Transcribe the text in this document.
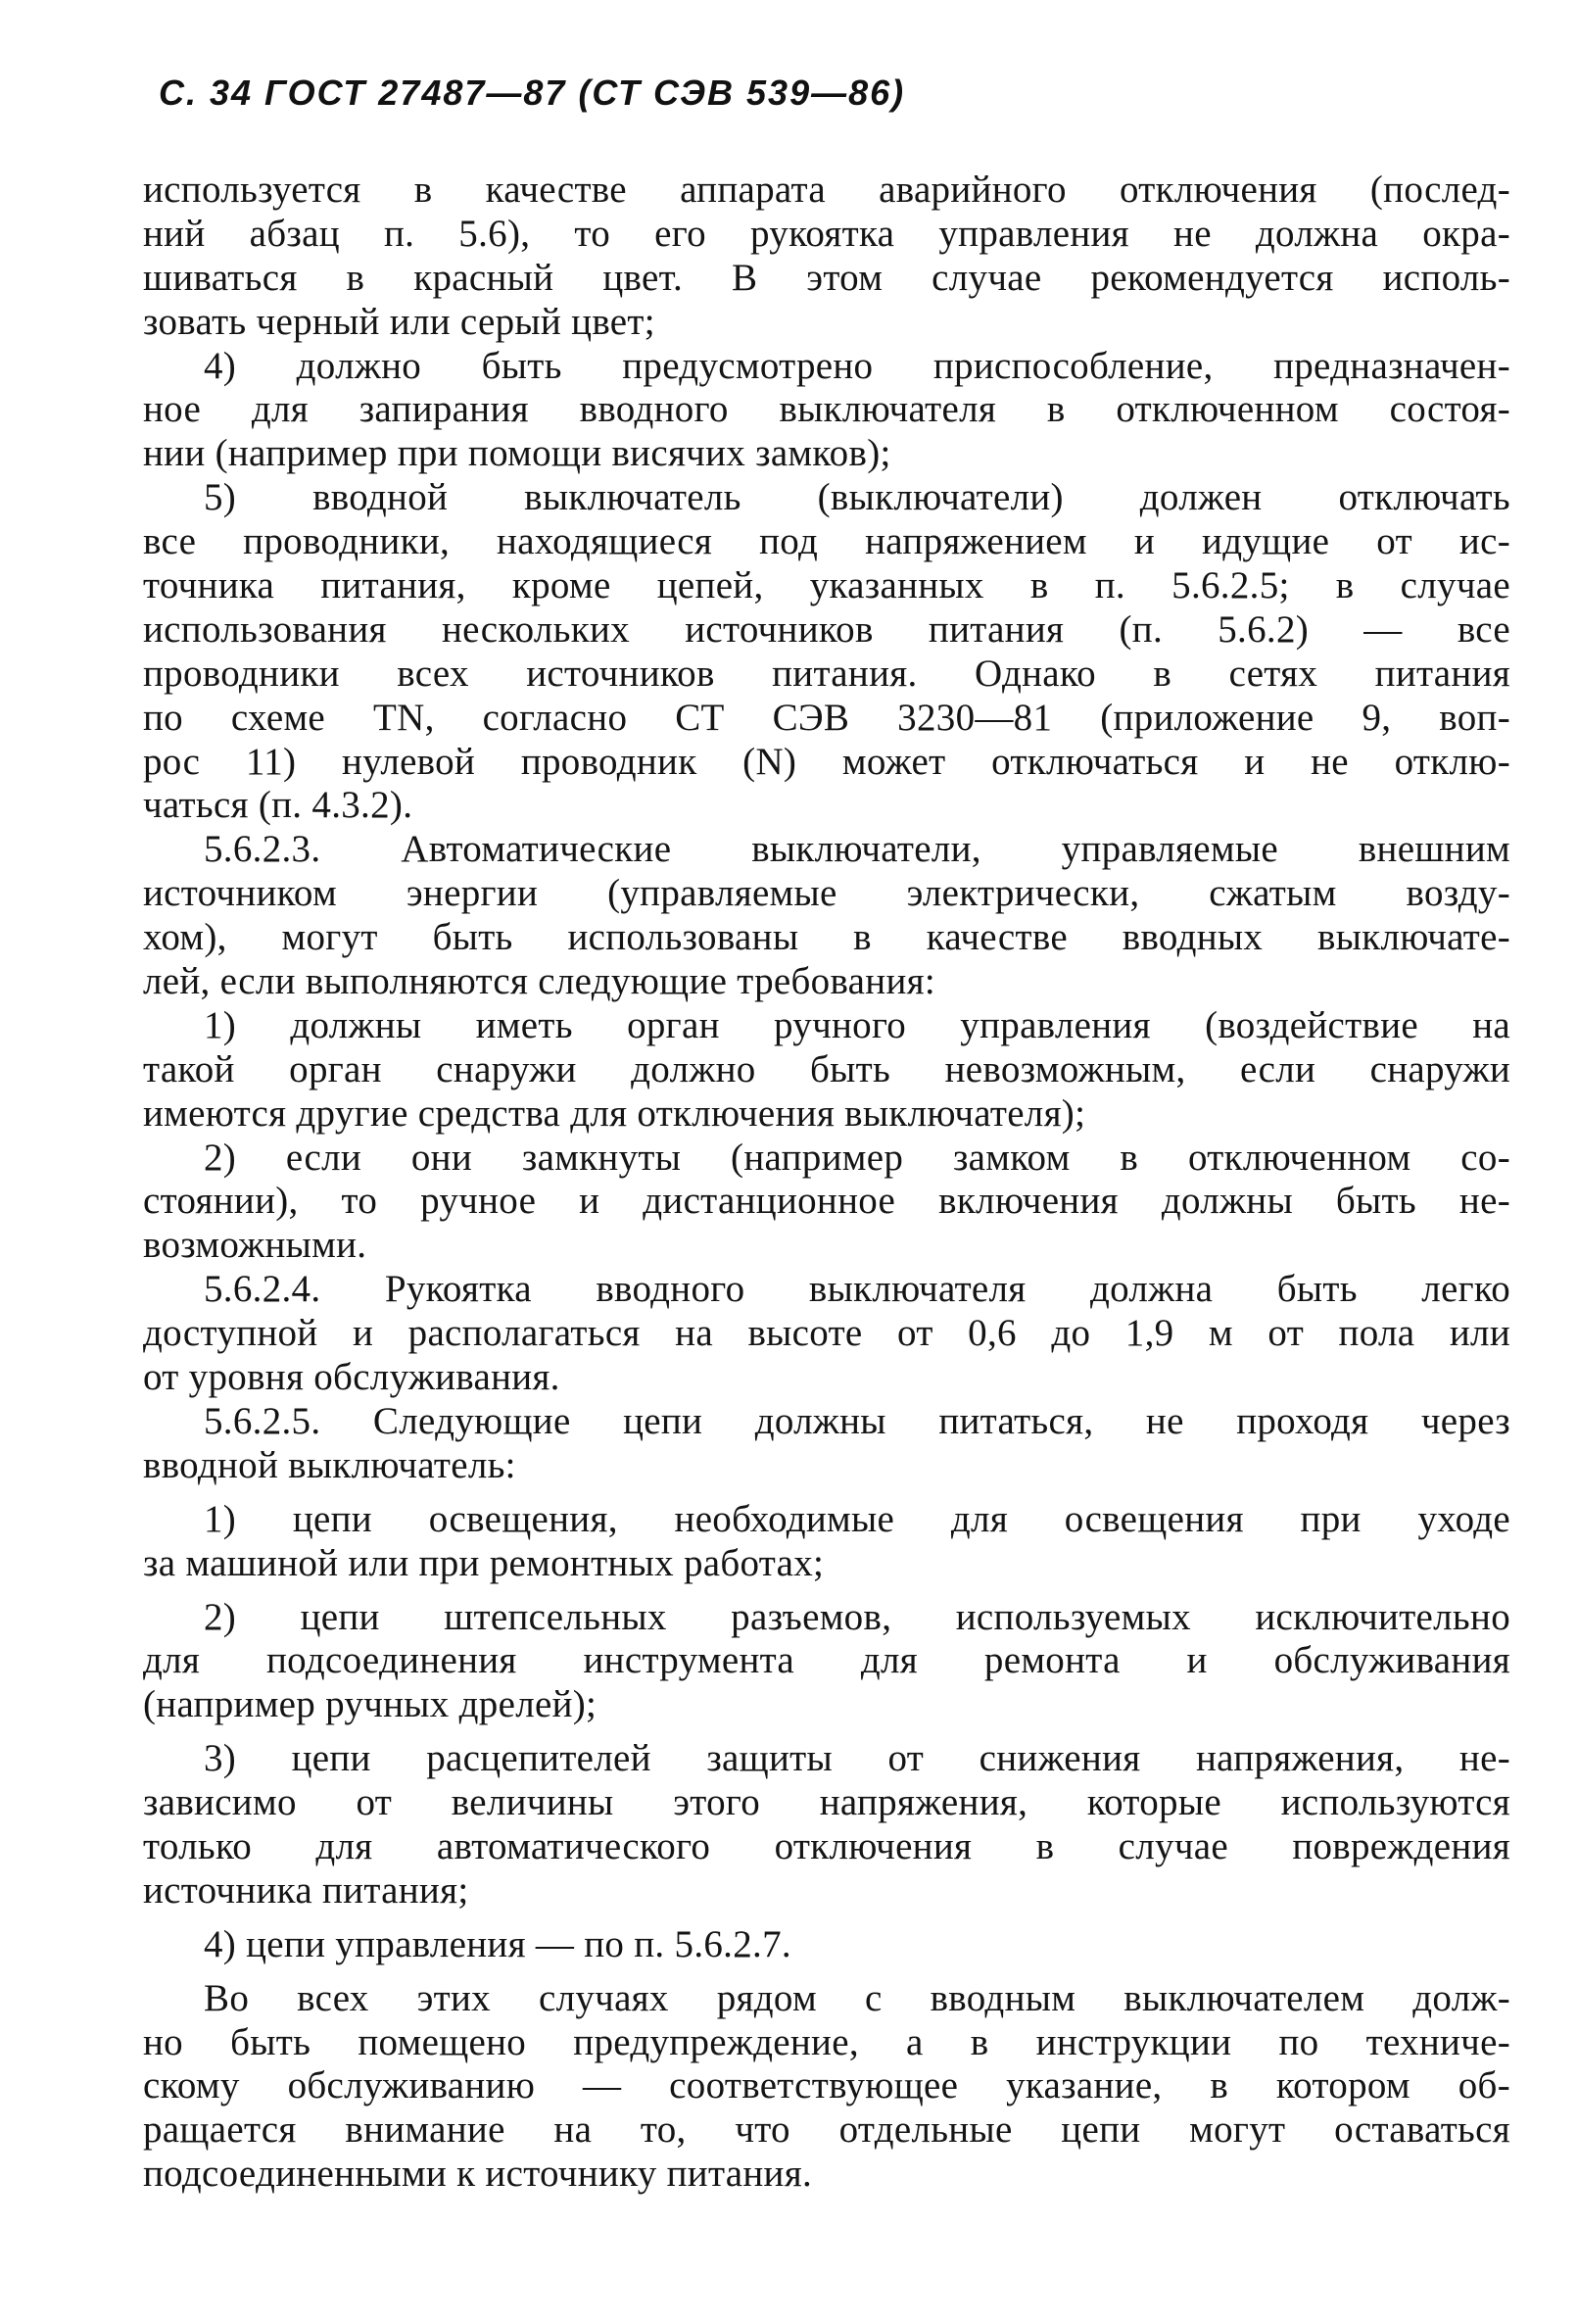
С. 34 ГОСТ 27487—87 (СТ СЭВ 539—86)
используется в качестве аппарата аварийного отключения (послед-
ний абзац п. 5.6), то его рукоятка управления не должна окра-
шиваться в красный цвет. В этом случае рекомендуется исполь-
зовать черный или серый цвет;
4) должно быть предусмотрено приспособление, предназначен-
ное для запирания вводного выключателя в отключенном состоя-
нии (например при помощи висячих замков);
5) вводной выключатель (выключатели) должен отключать
все проводники, находящиеся под напряжением и идущие от ис-
точника питания, кроме цепей, указанных в п. 5.6.2.5; в случае
использования нескольких источников питания (п. 5.6.2) — все
проводники всех источников питания. Однако в сетях питания
по схеме TN, согласно СТ СЭВ 3230—81 (приложение 9, воп-
рос 11) нулевой проводник (N) может отключаться и не отклю-
чаться (п. 4.3.2).
5.6.2.3. Автоматические выключатели, управляемые внешним
источником энергии (управляемые электрически, сжатым возду-
хом), могут быть использованы в качестве вводных выключате-
лей, если выполняются следующие требования:
1) должны иметь орган ручного управления (воздействие на
такой орган снаружи должно быть невозможным, если снаружи
имеются другие средства для отключения выключателя);
2) если они замкнуты (например замком в отключенном со-
стоянии), то ручное и дистанционное включения должны быть не-
возможными.
5.6.2.4. Рукоятка вводного выключателя должна быть легко
доступной и располагаться на высоте от 0,6 до 1,9 м от пола или
от уровня обслуживания.
5.6.2.5. Следующие цепи должны питаться, не проходя через
вводной выключатель:
1) цепи освещения, необходимые для освещения при уходе
за машиной или при ремонтных работах;
2) цепи штепсельных разъемов, используемых исключительно
для подсоединения инструмента для ремонта и обслуживания
(например ручных дрелей);
3) цепи расцепителей защиты от снижения напряжения, не-
зависимо от величины этого напряжения, которые используются
только для автоматического отключения в случае повреждения
источника питания;
4) цепи управления — по п. 5.6.2.7.
Во всех этих случаях рядом с вводным выключателем долж-
но быть помещено предупреждение, а в инструкции по техниче-
скому обслуживанию — соответствующее указание, в котором об-
ращается внимание на то, что отдельные цепи могут оставаться
подсоединенными к источнику питания.
